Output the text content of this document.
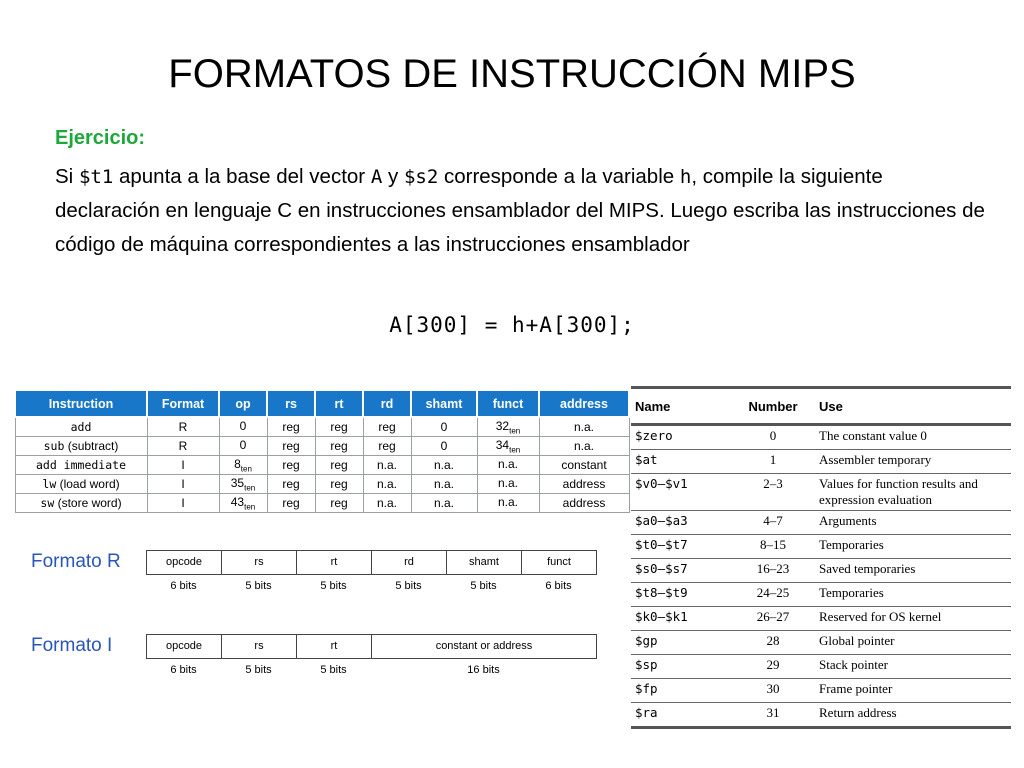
FORMATOS DE INSTRUCCIÓN MIPS
Ejercicio:
Si $t1 apunta a la base del vector A y $s2 corresponde a la variable h, compile la siguiente declaración en lenguaje C en instrucciones ensamblador del MIPS. Luego escriba las instrucciones de código de máquina correspondientes a las instrucciones ensamblador
A[300] = h+A[300];
Instruction	Format	op	rs	rt	rd	shamt	funct	address
add	R	0	reg	reg	reg	0	$32_{ten}$	n.a.
sub (subtract)	R	0	reg	reg	reg	0	$34_{ten}$	n.a.
add immediate	I	$8_{ten}$	reg	reg	n.a.	n.a.	n.a.	constant
lw (load word)	I	$35_{ten}$	reg	reg	n.a.	n.a.	n.a.	address
sw (store word)	I	$43_{ten}$	reg	reg	n.a.	n.a.	n.a.	address
Name	Number	Use
$zero	0	The constant value 0
$at	1	Assembler temporary
$v0–$v1	2–3	Values for function results and expression evaluation
$a0–$a3	4–7	Arguments
$t0–$t7	8–15	Temporaries
$s0–$s7	16–23	Saved temporaries
$t8–$t9	24–25	Temporaries
$k0–$k1	26–27	Reserved for OS kernel
$gp	28	Global pointer
$sp	29	Stack pointer
$fp	30	Frame pointer
$ra	31	Return address
Formato R	opcode	rs	rt	rd	shamt	funct
6 bits	5 bits	5 bits	5 bits	5 bits	6 bits
Formato I	opcode	rs	rt	constant or address
6 bits	5 bits	5 bits	16 bits
